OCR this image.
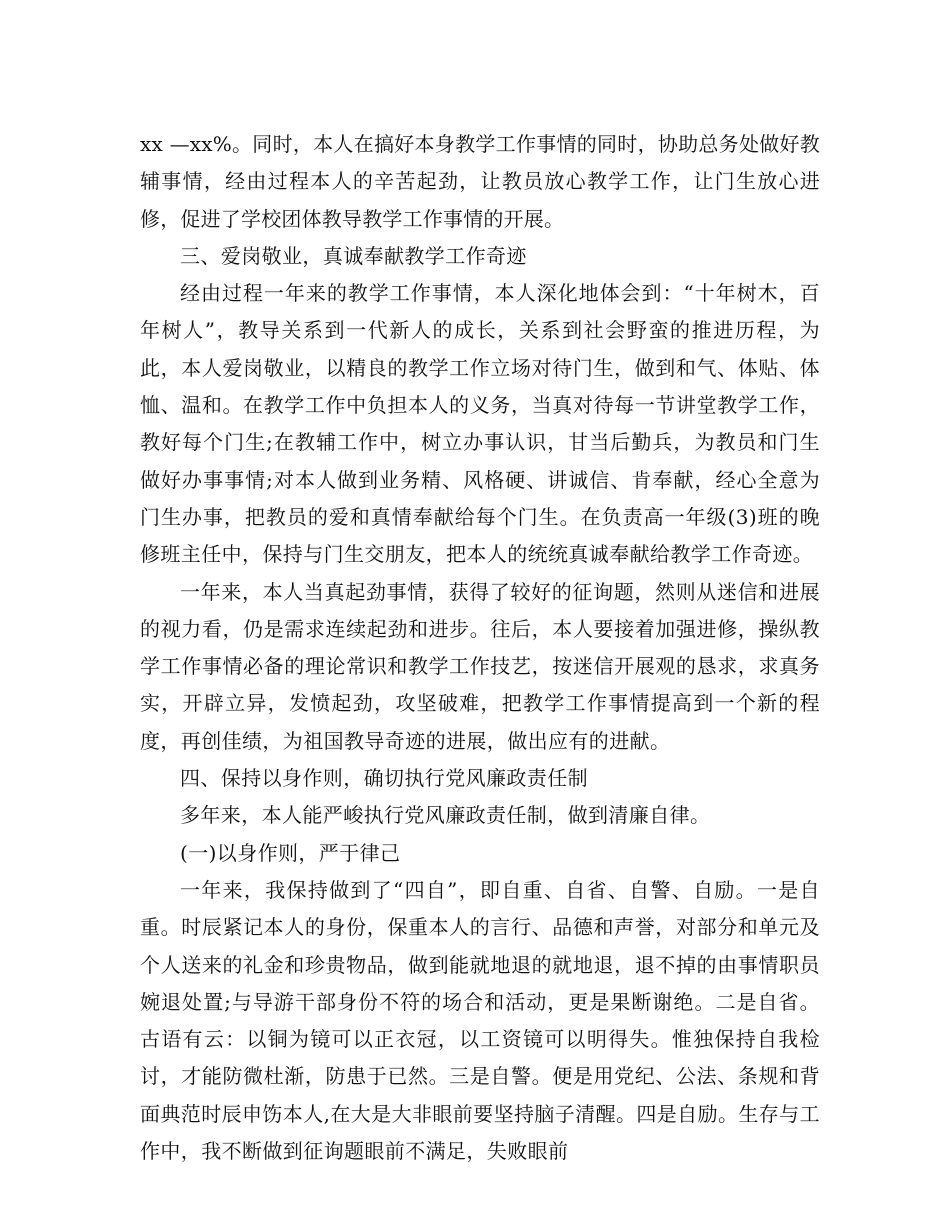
xx —xx%。同时，本人在搞好本身教学工作事情的同时，协助总务处做好教辅事情，经由过程本人的辛苦起劲，让教员放心教学工作，让门生放心进修，促进了学校团体教导教学工作事情的开展。

三、爱岗敬业，真诚奉献教学工作奇迹

经由过程一年来的教学工作事情，本人深化地体会到：“十年树木，百年树人”，教导关系到一代新人的成长，关系到社会野蛮的推进历程，为此，本人爱岗敬业，以精良的教学工作立场对待门生，做到和气、体贴、体恤、温和。在教学工作中负担本人的义务，当真对待每一节讲堂教学工作，教好每个门生;在教辅工作中，树立办事认识，甘当后勤兵，为教员和门生做好办事事情;对本人做到业务精、风格硬、讲诚信、肯奉献，经心全意为门生办事，把教员的爱和真情奉献给每个门生。在负责高一年级(3)班的晚修班主任中，保持与门生交朋友，把本人的统统真诚奉献给教学工作奇迹。

一年来，本人当真起劲事情，获得了较好的征询题，然则从迷信和进展的视力看，仍是需求连续起劲和进步。往后，本人要接着加强进修，操纵教学工作事情必备的理论常识和教学工作技艺，按迷信开展观的恳求，求真务实，开辟立异，发愤起劲，攻坚破难，把教学工作事情提高到一个新的程度，再创佳绩，为祖国教导奇迹的进展，做出应有的进献。

四、保持以身作则，确切执行党风廉政责任制

多年来，本人能严峻执行党风廉政责任制，做到清廉自律。

(一)以身作则，严于律己

一年来，我保持做到了“四自”，即自重、自省、自警、自励。一是自重。时辰紧记本人的身份，保重本人的言行、品德和声誉，对部分和单元及个人送来的礼金和珍贵物品，做到能就地退的就地退，退不掉的由事情职员婉退处置;与导游干部身份不符的场合和活动，更是果断谢绝。二是自省。古语有云：以铜为镜可以正衣冠，以工资镜可以明得失。惟独保持自我检讨，才能防微杜渐，防患于已然。三是自警。便是用党纪、公法、条规和背面典范时辰申饬本人,在大是大非眼前要坚持脑子清醒。四是自励。生存与工作中，我不断做到征询题眼前不满足，失败眼前
